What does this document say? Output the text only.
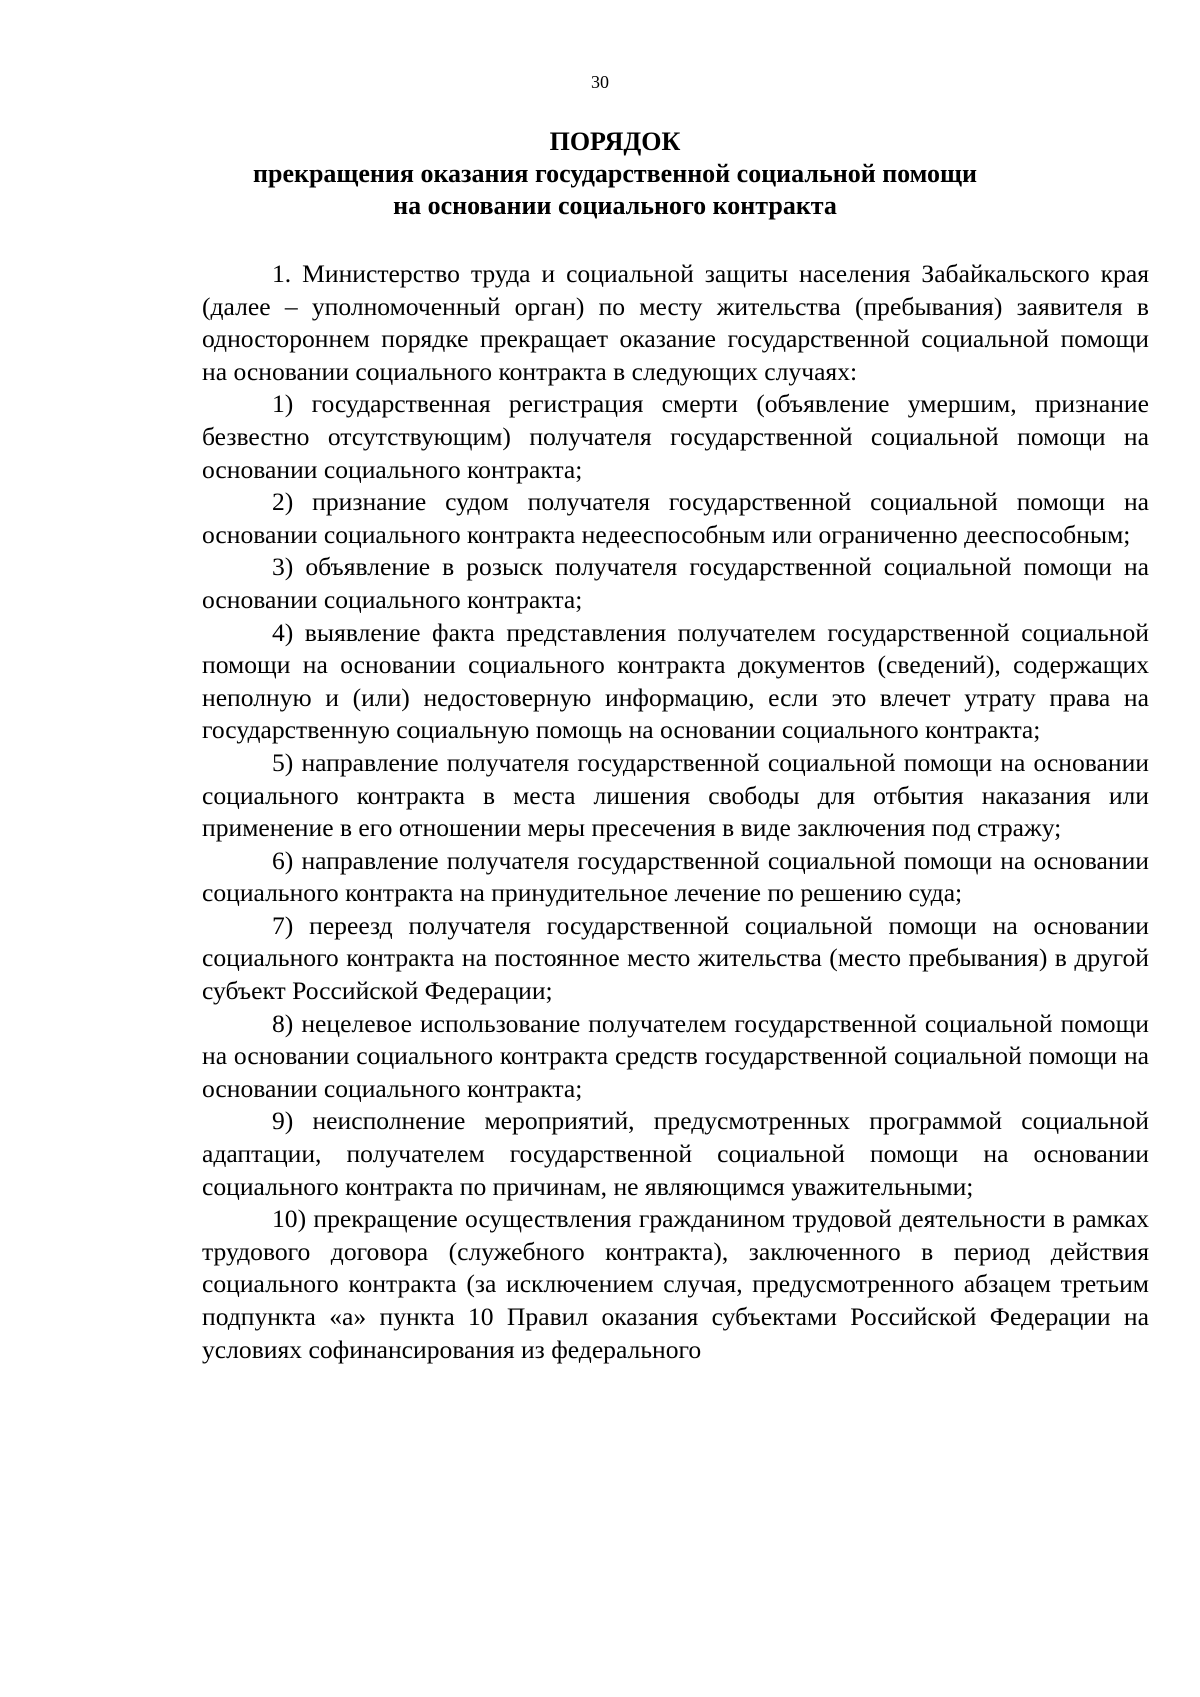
30
ПОРЯДОК
прекращения оказания государственной социальной помощи
на основании социального контракта

1. Министерство труда и социальной защиты населения Забайкальского края (далее – уполномоченный орган) по месту жительства (пребывания) заявителя в одностороннем порядке прекращает оказание государственной социальной помощи на основании социального контракта в следующих случаях:

1) государственная регистрация смерти (объявление умершим, признание безвестно отсутствующим) получателя государственной социальной помощи на основании социального контракта;

2) признание судом получателя государственной социальной помощи на основании социального контракта недееспособным или ограниченно дееспособным;

3) объявление в розыск получателя государственной социальной помощи на основании социального контракта;

4) выявление факта представления получателем государственной социальной помощи на основании социального контракта документов (сведений), содержащих неполную и (или) недостоверную информацию, если это влечет утрату права на государственную социальную помощь на основании социального контракта;

5) направление получателя государственной социальной помощи на основании социального контракта в места лишения свободы для отбытия наказания или применение в его отношении меры пресечения в виде заключения под стражу;

6) направление получателя государственной социальной помощи на основании социального контракта на принудительное лечение по решению суда;

7) переезд получателя государственной социальной помощи на основании социального контракта на постоянное место жительства (место пребывания) в другой субъект Российской Федерации;

8) нецелевое использование получателем государственной социальной помощи на основании социального контракта средств государственной социальной помощи на основании социального контракта;

9) неисполнение мероприятий, предусмотренных программой социальной адаптации, получателем государственной социальной помощи на основании социального контракта по причинам, не являющимся уважительными;

10) прекращение осуществления гражданином трудовой деятельности в рамках трудового договора (служебного контракта), заключенного в период действия социального контракта (за исключением случая, предусмотренного абзацем третьим подпункта «а» пункта 10 Правил оказания субъектами Российской Федерации на условиях софинансирования из федерального
